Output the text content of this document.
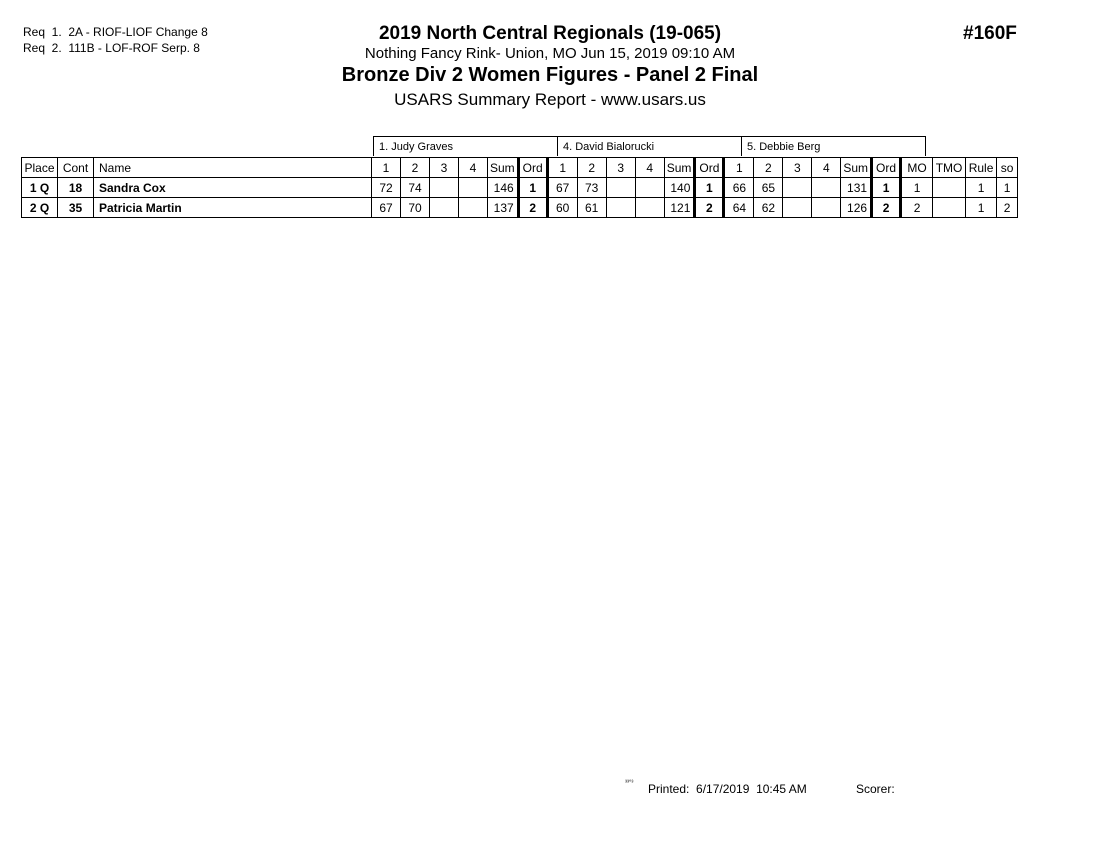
Req  1.  2A - RIOF-LIOF Change 8
Req  2.  111B - LOF-ROF Serp. 8
2019 North Central Regionals (19-065)
Nothing Fancy Rink- Union, MO Jun 15, 2019 09:10 AM
Bronze Div 2 Women Figures - Panel 2 Final
USARS Summary Report - www.usars.us
#160F
1. Judy Graves	4. David Bialorucki	5. Debbie Berg
Place	Cont	Name	1	2	3	4	Sum	Ord	1	2	3	4	Sum	Ord	1	2	3	4	Sum	Ord	MO	TMO	Rule	so
1 Q	18	Sandra Cox	72	74			146	1	67	73			140	1	66	65			131	1	1		1	1
2 Q	35	Patricia Martin	67	70			137	2	60	61			121	2	64	62			126	2	2		1	2
³³°³ Printed:  6/17/2019  10:45 AM	Scorer:
